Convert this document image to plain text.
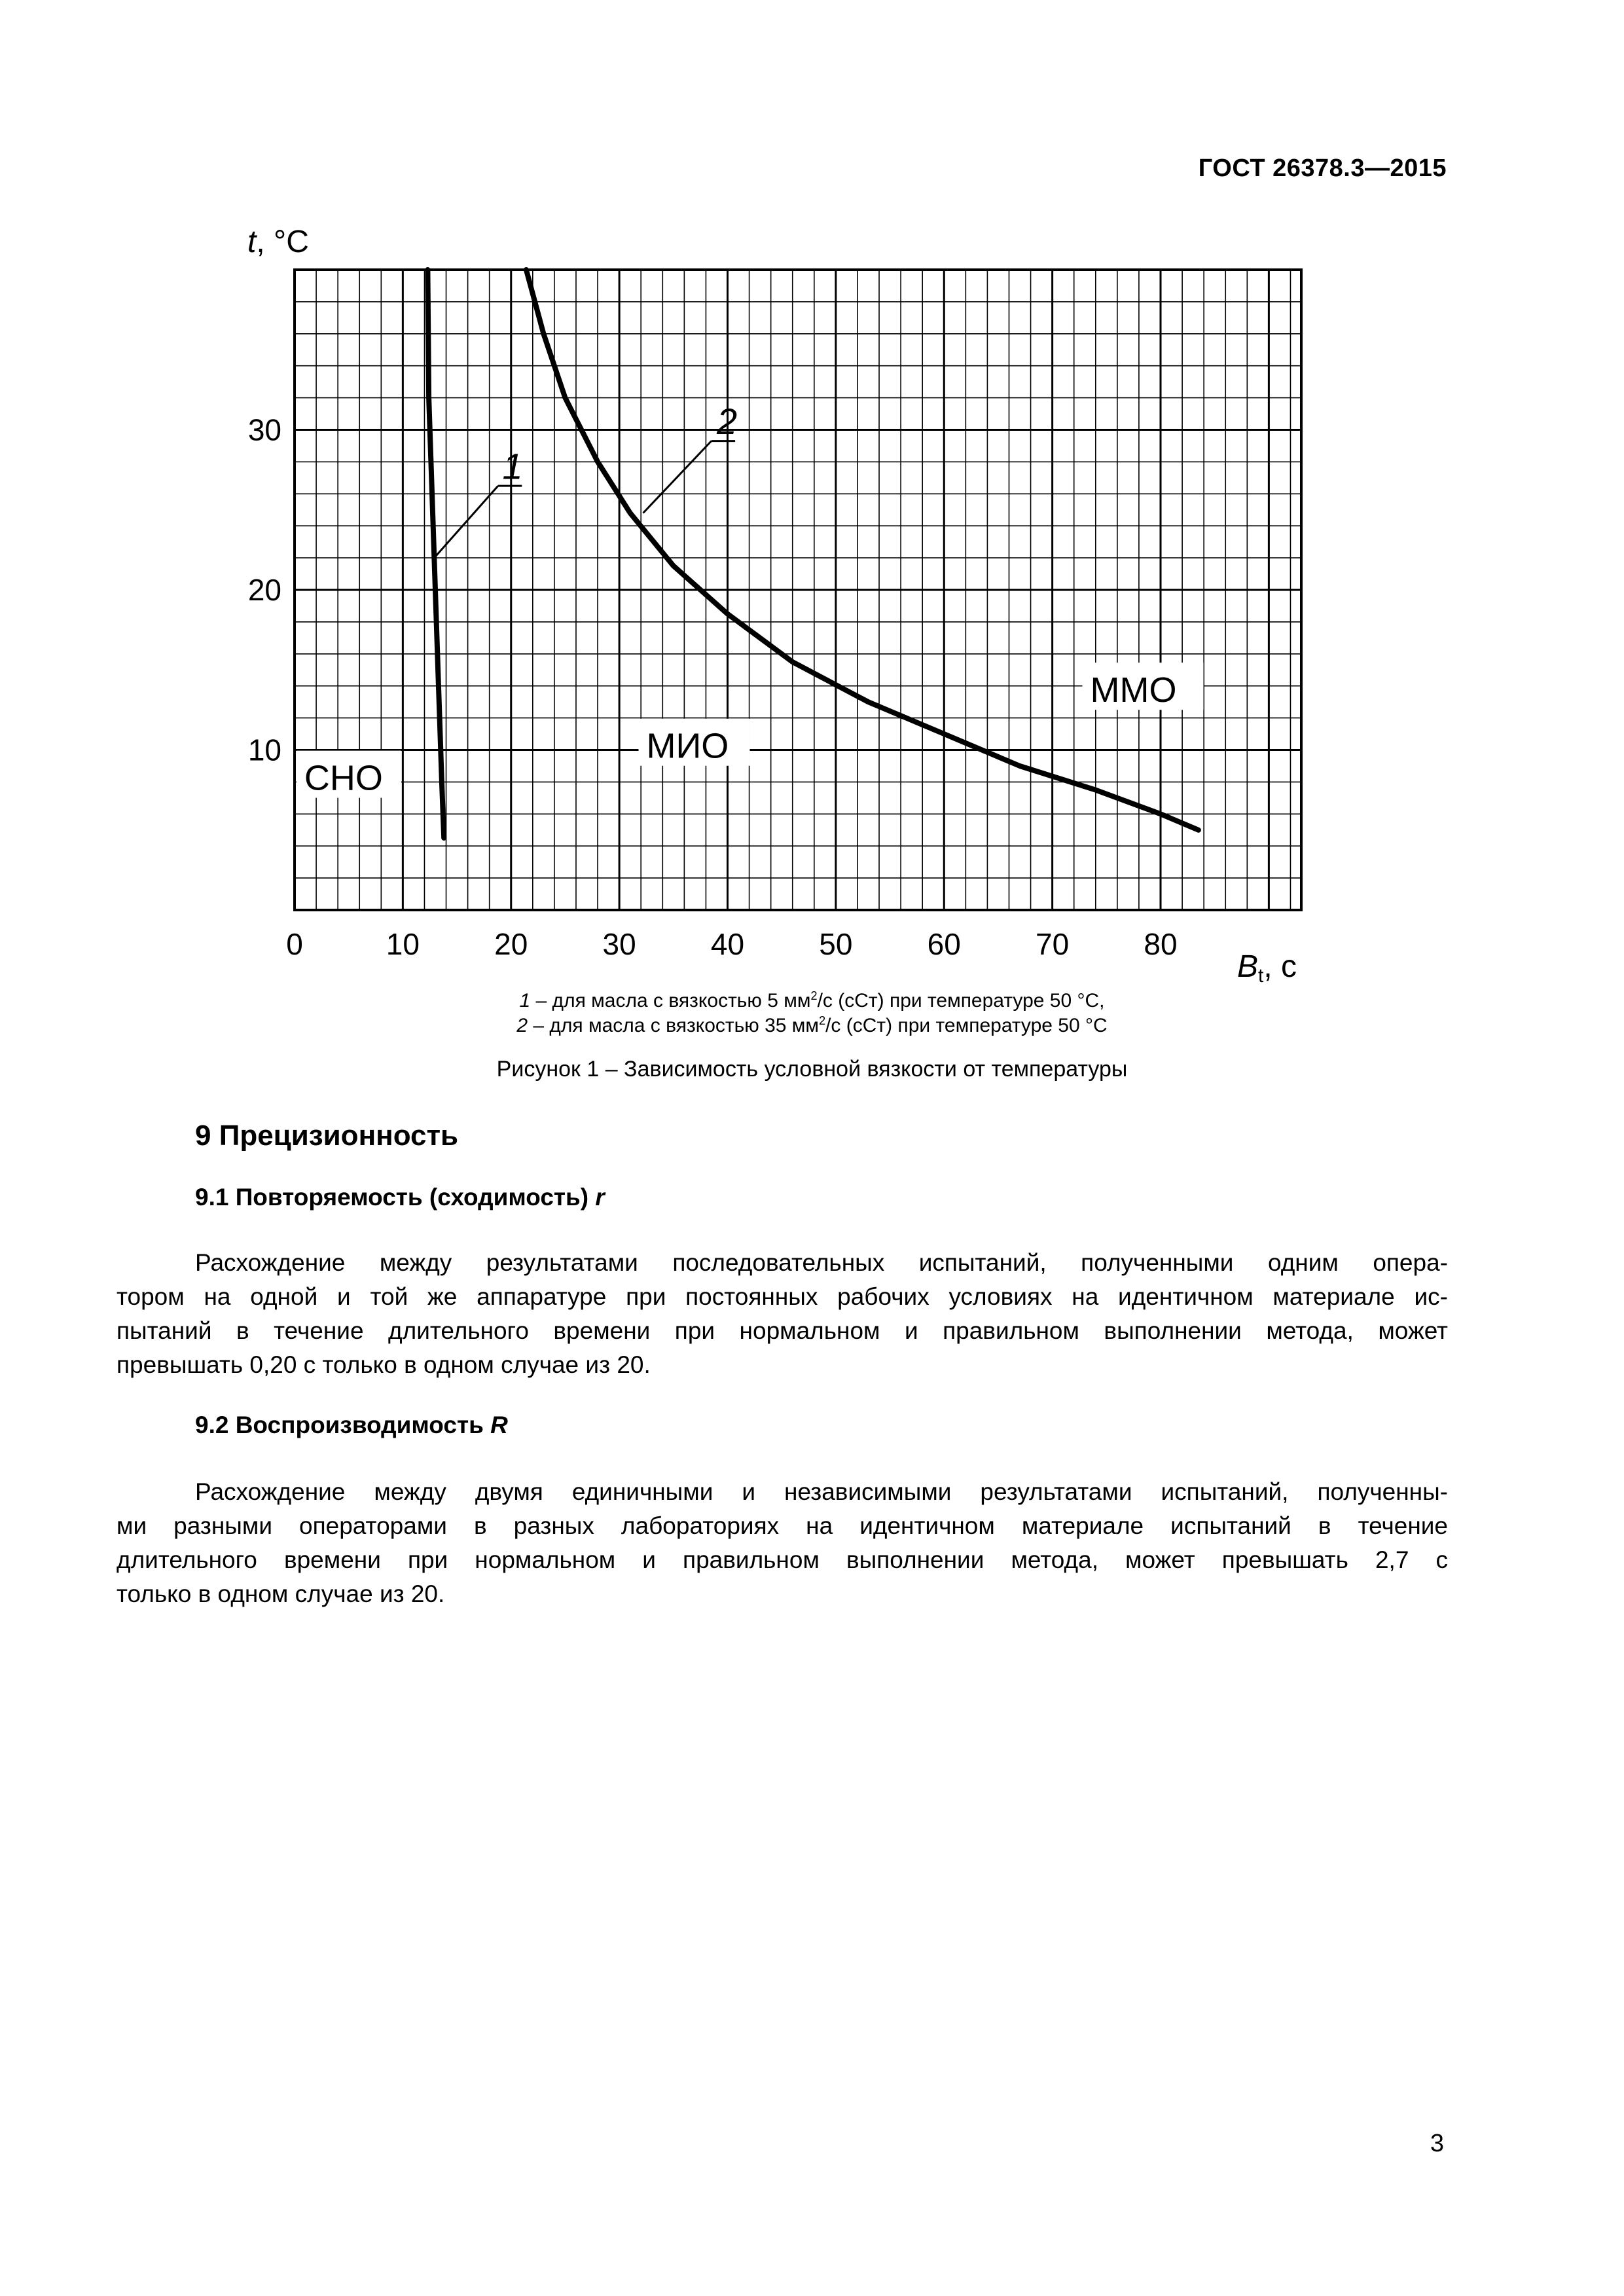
ГОСТ 26378.3—2015
1
2
СНО
МИО
ММО
0	10 20 30 40 50 60 70 80
10
20
30
t, °C
Bt, с
1 – для масла с вязкостью 5 $мм^2/с$ (сСт) при температуре 50 °С,
2 – для масла с вязкостью 35 $мм^2/с$ (сСт) при температуре 50 °С
Рисунок 1 – Зависимость условной вязкости от температуры
9 Прецизионность
9.1 Повторяемость (сходимость) r
Расхождение между результатами последовательных испытаний, полученными одним опера-
тором на одной и той же аппаратуре при постоянных рабочих условиях на идентичном материале ис-
пытаний в течение длительного времени при нормальном и правильном выполнении метода, может
превышать 0,20 с только в одном случае из 20.
9.2 Воспроизводимость R
Расхождение между двумя единичными и независимыми результатами испытаний, полученны-
ми разными операторами в разных лабораториях на идентичном материале испытаний в течение
длительного времени при нормальном и правильном выполнении метода, может превышать 2,7 с
только в одном случае из 20.
3
